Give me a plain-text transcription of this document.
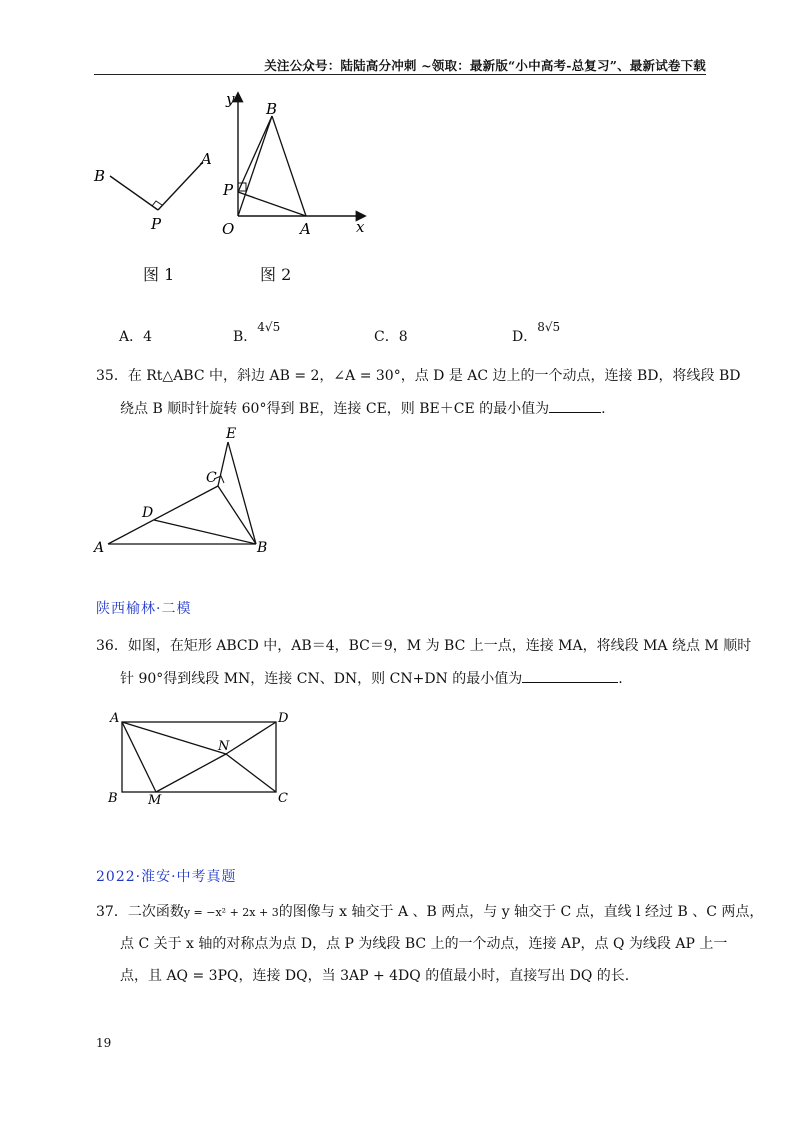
关注公众号：陆陆高分冲刺 ~领取：最新版“小中高考-总复习”、最新试卷下载
B
P
A
y
B
P
O	A	x
图 1	图 2
A．4	B．4√5
C．8	D．8√5
35．在 Rt△ABC 中，斜边 AB = 2，∠A = 30°，点 D 是 AC 边上的一个动点，连接 BD，将线段 BD
绕点 B 顺时针旋转 60°得到 BE，连接 CE，则 BE＋CE 的最小值为	.
E
C
D
A	B
陕西榆林·二模
36．如图，在矩形 ABCD 中，AB＝4，BC＝9，M 为 BC 上一点，连接 MA，将线段 MA 绕点 M 顺时
针 90°得到线段 MN，连接 CN、DN，则 CN+DN 的最小值为	.
A	D
N
B M	C
2022·淮安·中考真题
37．二次函数y = −x² + 2x + 3的图像与 x 轴交于 A 、B 两点，与 y 轴交于 C 点，直线 l 经过 B 、C 两点，
点 C 关于 x 轴的对称点为点 D，点 P 为线段 BC 上的一个动点，连接 AP，点 Q 为线段 AP 上一
点，且 AQ = 3PQ，连接 DQ，当 3AP + 4DQ 的值最小时，直接写出 DQ 的长.
19
